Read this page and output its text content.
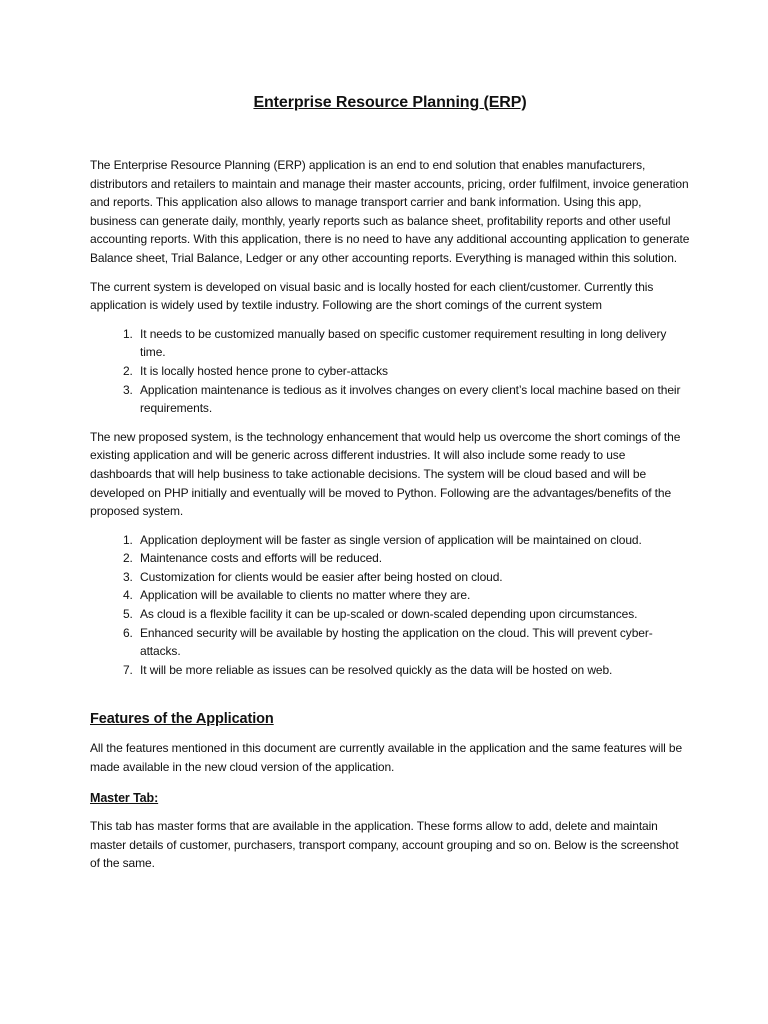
Enterprise Resource Planning (ERP)

The Enterprise Resource Planning (ERP) application is an end to end solution that enables manufacturers, distributors and retailers to maintain and manage their master accounts, pricing, order fulfilment, invoice generation and reports. This application also allows to manage transport carrier and bank information. Using this app, business can generate daily, monthly, yearly reports such as balance sheet, profitability reports and other useful accounting reports. With this application, there is no need to have any additional accounting application to generate Balance sheet, Trial Balance, Ledger or any other accounting reports. Everything is managed within this solution.

The current system is developed on visual basic and is locally hosted for each client/customer. Currently this application is widely used by textile industry. Following are the short comings of the current system

1. It needs to be customized manually based on specific customer requirement resulting in long delivery time.
2. It is locally hosted hence prone to cyber-attacks
3. Application maintenance is tedious as it involves changes on every client’s local machine based on their requirements.

The new proposed system, is the technology enhancement that would help us overcome the short comings of the existing application and will be generic across different industries. It will also include some ready to use dashboards that will help business to take actionable decisions. The system will be cloud based and will be developed on PHP initially and eventually will be moved to Python. Following are the advantages/benefits of the proposed system.

1. Application deployment will be faster as single version of application will be maintained on cloud.
2. Maintenance costs and efforts will be reduced.
3. Customization for clients would be easier after being hosted on cloud.
4. Application will be available to clients no matter where they are.
5. As cloud is a flexible facility it can be up-scaled or down-scaled depending upon circumstances.
6. Enhanced security will be available by hosting the application on the cloud. This will prevent cyber-attacks.
7. It will be more reliable as issues can be resolved quickly as the data will be hosted on web.
Features of the Application

All the features mentioned in this document are currently available in the application and the same features will be made available in the new cloud version of the application.

Master Tab:

This tab has master forms that are available in the application. These forms allow to add, delete and maintain master details of customer, purchasers, transport company, account grouping and so on. Below is the screenshot of the same.
